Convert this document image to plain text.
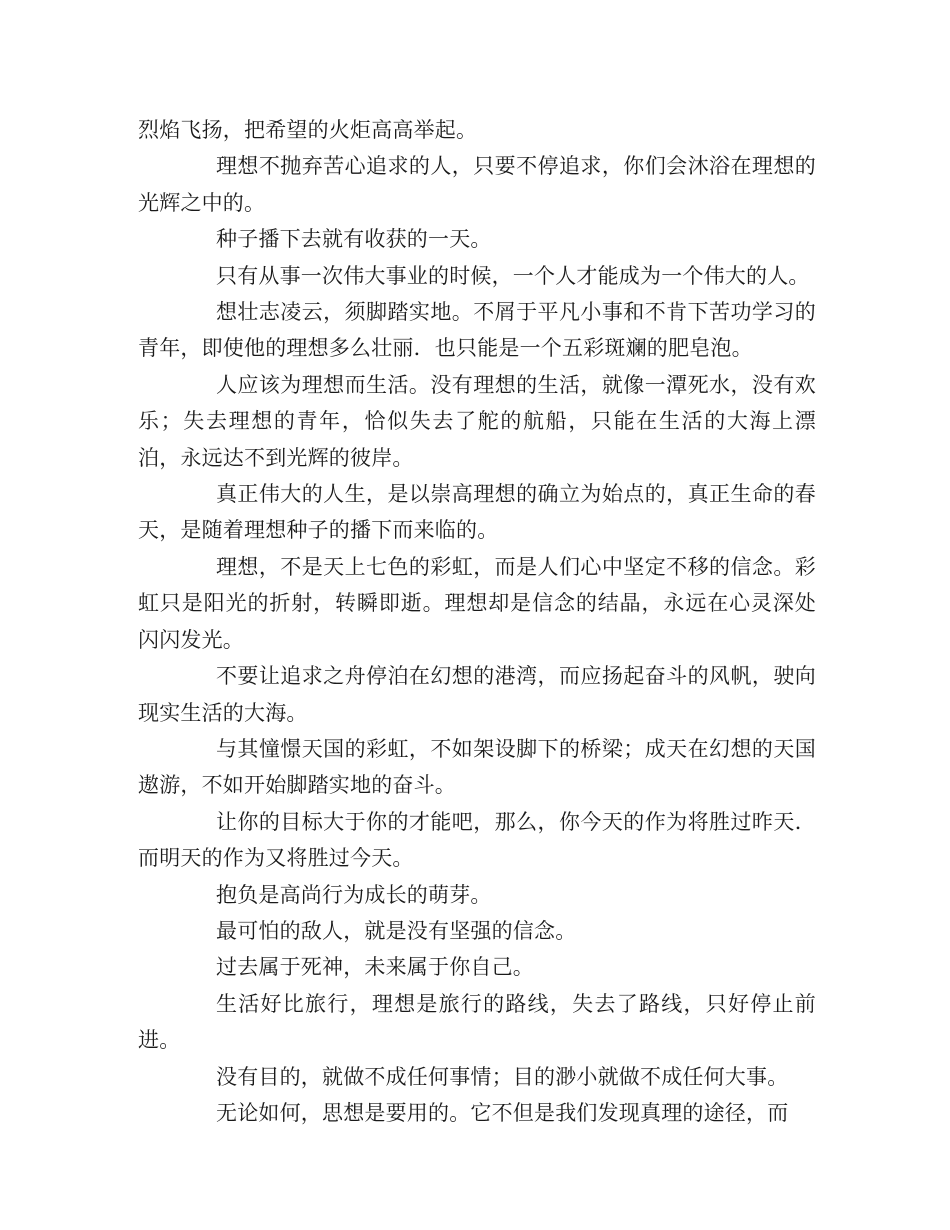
烈焰飞扬，把希望的火炬高高举起。

理想不抛弃苦心追求的人，只要不停追求，你们会沐浴在理想的光辉之中的。

种子播下去就有收获的一天。

只有从事一次伟大事业的时候，一个人才能成为一个伟大的人。

想壮志凌云，须脚踏实地。不屑于平凡小事和不肯下苦功学习的青年，即使他的理想多么壮丽．也只能是一个五彩斑斓的肥皂泡。

人应该为理想而生活。没有理想的生活，就像一潭死水，没有欢乐；失去理想的青年，恰似失去了舵的航船，只能在生活的大海上漂泊，永远达不到光辉的彼岸。

真正伟大的人生，是以崇高理想的确立为始点的，真正生命的春天，是随着理想种子的播下而来临的。

理想，不是天上七色的彩虹，而是人们心中坚定不移的信念。彩虹只是阳光的折射，转瞬即逝。理想却是信念的结晶，永远在心灵深处闪闪发光。

不要让追求之舟停泊在幻想的港湾，而应扬起奋斗的风帆，驶向现实生活的大海。

与其憧憬天国的彩虹，不如架设脚下的桥梁；成天在幻想的天国遨游，不如开始脚踏实地的奋斗。

让你的目标大于你的才能吧，那么，你今天的作为将胜过昨天．而明天的作为又将胜过今天。

抱负是高尚行为成长的萌芽。

最可怕的敌人，就是没有坚强的信念。

过去属于死神，未来属于你自己。

生活好比旅行，理想是旅行的路线，失去了路线，只好停止前进。

没有目的，就做不成任何事情；目的渺小就做不成任何大事。

无论如何，思想是要用的。它不但是我们发现真理的途径，而
